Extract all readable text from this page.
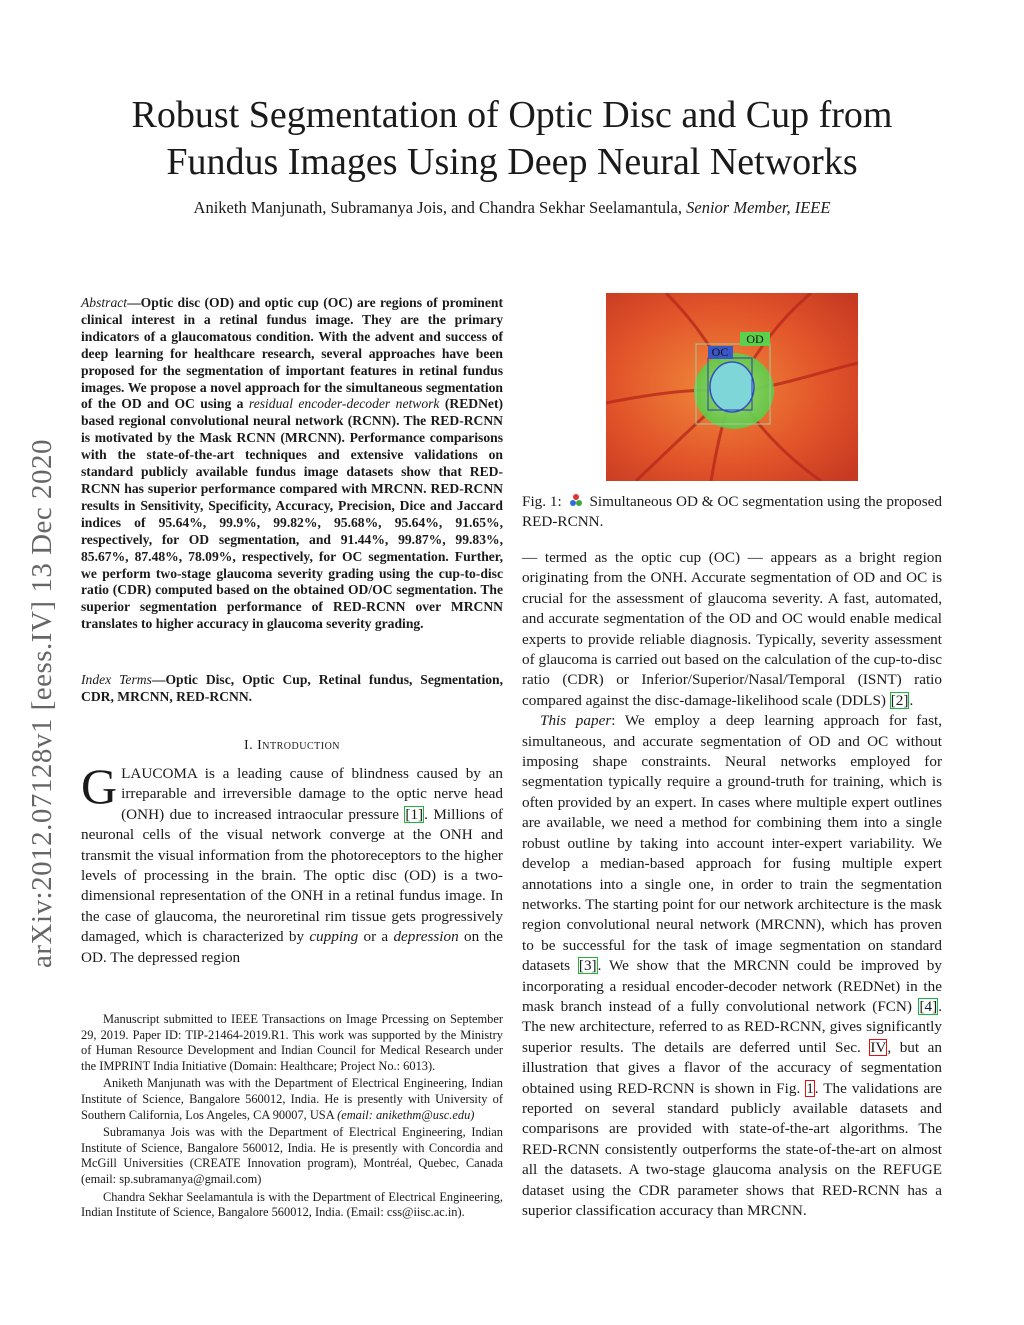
Robust Segmentation of Optic Disc and Cup from
Fundus Images Using Deep Neural Networks
Aniketh Manjunath, Subramanya Jois, and Chandra Sekhar Seelamantula, Senior Member, IEEE
arXiv:2012.07128v1 [eess.IV] 13 Dec 2020
Abstract—Optic disc (OD) and optic cup (OC) are regions of prominent clinical interest in a retinal fundus image. They are the primary indicators of a glaucomatous condition. With the advent and success of deep learning for healthcare research, several approaches have been proposed for the segmentation of important features in retinal fundus images. We propose a novel approach for the simultaneous segmentation of the OD and OC using a residual encoder-decoder network (REDNet) based regional convolutional neural network (RCNN). The RED-RCNN is motivated by the Mask RCNN (MRCNN). Performance comparisons with the state-of-the-art techniques and extensive validations on standard publicly available fundus image datasets show that RED-RCNN has superior performance compared with MRCNN. RED-RCNN results in Sensitivity, Specificity, Accuracy, Precision, Dice and Jaccard indices of 95.64%, 99.9%, 99.82%, 95.68%, 95.64%, 91.65%, respectively, for OD segmentation, and 91.44%, 99.87%, 99.83%, 85.67%, 87.48%, 78.09%, respectively, for OC segmentation. Further, we perform two-stage glaucoma severity grading using the cup-to-disc ratio (CDR) computed based on the obtained OD/OC segmentation. The superior segmentation performance of RED-RCNN over MRCNN translates to higher accuracy in glaucoma severity grading.
Index Terms—Optic Disc, Optic Cup, Retinal fundus, Segmentation, CDR, MRCNN, RED-RCNN.
I. Introduction
GLAUCOMA is a leading cause of blindness caused by an irreparable and irreversible damage to the optic nerve head (ONH) due to increased intraocular pressure [1]. Millions of neuronal cells of the visual network converge at the ONH and transmit the visual information from the photoreceptors to the higher levels of processing in the brain. The optic disc (OD) is a two-dimensional representation of the ONH in a retinal fundus image. In the case of glaucoma, the neuroretinal rim tissue gets progressively damaged, which is characterized by cupping or a depression on the OD. The depressed region

Manuscript submitted to IEEE Transactions on Image Prcessing on September 29, 2019. Paper ID: TIP-21464-2019.R1. This work was supported by the Ministry of Human Resource Development and Indian Council for Medical Research under the IMPRINT India Initiative (Domain: Healthcare; Project No.: 6013).

Aniketh Manjunath was with the Department of Electrical Engineering, Indian Institute of Science, Bangalore 560012, India. He is presently with University of Southern California, Los Angeles, CA 90007, USA (email: anikethm@usc.edu)

Subramanya Jois was with the Department of Electrical Engineering, Indian Institute of Science, Bangalore 560012, India. He is presently with Concordia and McGill Universities (CREATE Innovation program), Montréal, Quebec, Canada (email: sp.subramanya@gmail.com)

Chandra Sekhar Seelamantula is with the Department of Electrical Engineering, Indian Institute of Science, Bangalore 560012, India. (Email: css@iisc.ac.in).

OD
OC
Fig. 1: Simultaneous OD & OC segmentation using the proposed RED-RCNN.

— termed as the optic cup (OC) — appears as a bright region originating from the ONH. Accurate segmentation of OD and OC is crucial for the assessment of glaucoma severity. A fast, automated, and accurate segmentation of the OD and OC would enable medical experts to provide reliable diagnosis. Typically, severity assessment of glaucoma is carried out based on the calculation of the cup-to-disc ratio (CDR) or Inferior/Superior/Nasal/Temporal (ISNT) ratio compared against the disc-damage-likelihood scale (DDLS) [2].

This paper: We employ a deep learning approach for fast, simultaneous, and accurate segmentation of OD and OC without imposing shape constraints. Neural networks employed for segmentation typically require a ground-truth for training, which is often provided by an expert. In cases where multiple expert outlines are available, we need a method for combining them into a single robust outline by taking into account inter-expert variability. We develop a median-based approach for fusing multiple expert annotations into a single one, in order to train the segmentation networks. The starting point for our network architecture is the mask region convolutional neural network (MRCNN), which has proven to be successful for the task of image segmentation on standard datasets [3]. We show that the MRCNN could be improved by incorporating a residual encoder-decoder network (REDNet) in the mask branch instead of a fully convolutional network (FCN) [4]. The new architecture, referred to as RED-RCNN, gives significantly superior results. The details are deferred until Sec. IV, but an illustration that gives a flavor of the accuracy of segmentation obtained using RED-RCNN is shown in Fig. 1. The validations are reported on several standard publicly available datasets and comparisons are provided with state-of-the-art algorithms. The RED-RCNN consistently outperforms the state-of-the-art on almost all the datasets. A two-stage glaucoma analysis on the REFUGE dataset using the CDR parameter shows that RED-RCNN has a superior classification accuracy than MRCNN.
